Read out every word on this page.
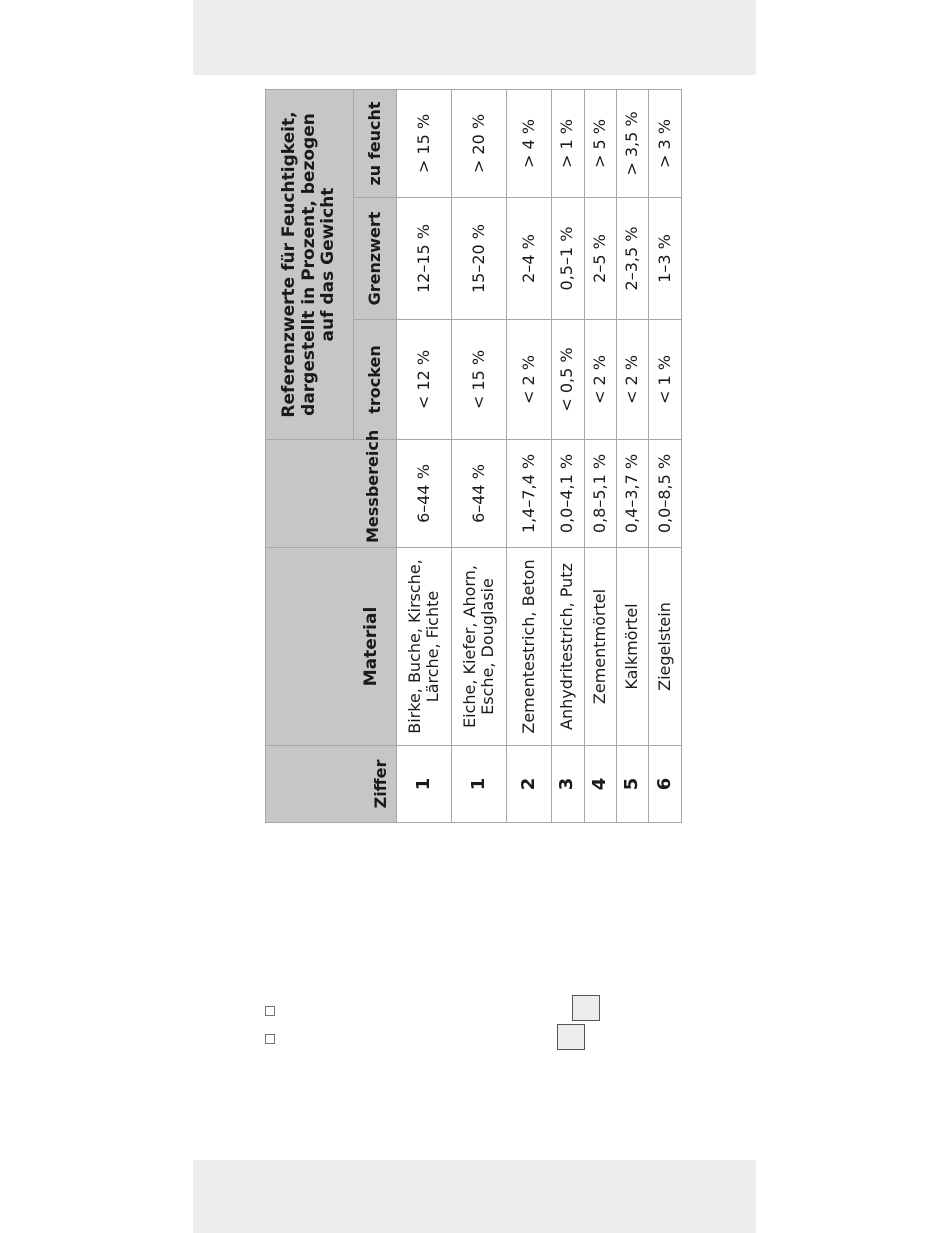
Ziffer	Material	Messbereich	Referenzwerte für Feuchtigkeit, dargestellt in Prozent, bezogen auf das Gewicht		
			trocken	Grenzwert	zu feucht
1	Birke, Buche, Kirsche, Lärche, Fichte	6–44 %	< 12 %	12–15 %	> 15 %
1	Eiche, Kiefer, Ahorn, Esche, Douglasie	6–44 %	< 15 %	15–20 %	> 20 %
2	Zementestrich, Beton	1,4–7,4 %	< 2 %	2–4 %	> 4 %
3	Anhydritestrich, Putz	0,0–4,1 %	< 0,5 %	0,5–1 %	> 1 %
4	Zementmörtel	0,8–5,1 %	< 2 %	2–5 %	> 5 %
5	Kalkmörtel	0,4–3,7 %	< 2 %	2–3,5 %	> 3,5 %
6	Ziegelstein	0,0–8,5 %	< 1 %	1–3 %	> 3 %
